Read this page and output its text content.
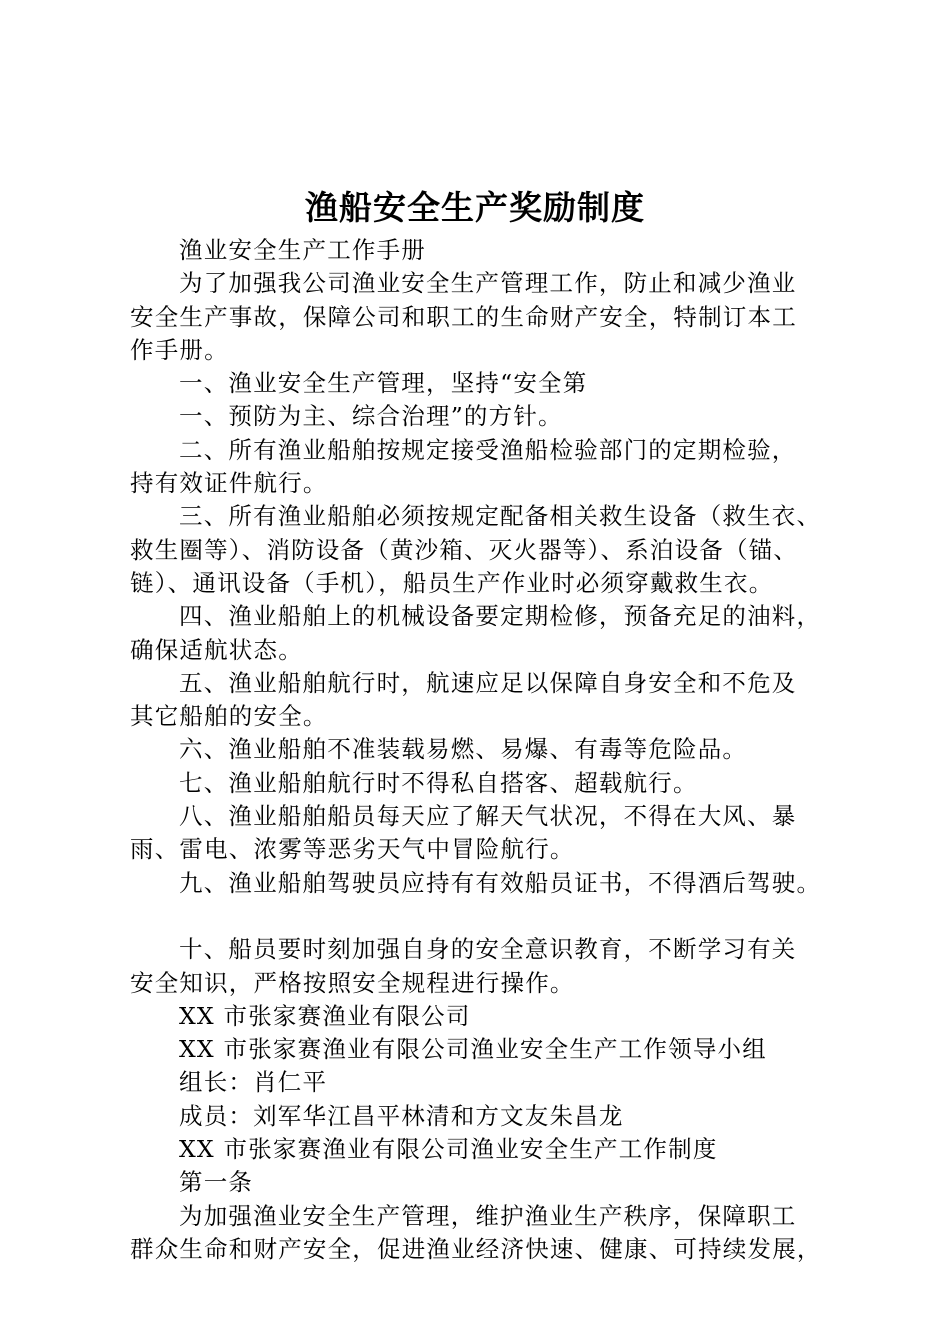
渔船安全生产奖励制度
渔业安全生产工作手册
为了加强我公司渔业安全生产管理工作，防止和减少渔业
安全生产事故，保障公司和职工的生命财产安全，特制订本工
作手册。
一、渔业安全生产管理，坚持“安全第
一、预防为主、综合治理”的方针。
二、所有渔业船舶按规定接受渔船检验部门的定期检验，
持有效证件航行。
三、所有渔业船舶必须按规定配备相关救生设备（救生衣、
救生圈等）、消防设备（黄沙箱、灭火器等）、系泊设备（锚、
链）、通讯设备（手机），船员生产作业时必须穿戴救生衣。
四、渔业船舶上的机械设备要定期检修，预备充足的油料，
确保适航状态。
五、渔业船舶航行时，航速应足以保障自身安全和不危及
其它船舶的安全。
六、渔业船舶不准装载易燃、易爆、有毒等危险品。
七、渔业船舶航行时不得私自搭客、超载航行。
八、渔业船舶船员每天应了解天气状况，不得在大风、暴
雨、雷电、浓雾等恶劣天气中冒险航行。
九、渔业船舶驾驶员应持有有效船员证书，不得酒后驾驶。
十、船员要时刻加强自身的安全意识教育，不断学习有关
安全知识，严格按照安全规程进行操作。
XX 市张家赛渔业有限公司
XX 市张家赛渔业有限公司渔业安全生产工作领导小组
组长：肖仁平
成员：刘军华江昌平林清和方文友朱昌龙
XX 市张家赛渔业有限公司渔业安全生产工作制度
第一条
为加强渔业安全生产管理，维护渔业生产秩序，保障职工
群众生命和财产安全，促进渔业经济快速、健康、可持续发展，
